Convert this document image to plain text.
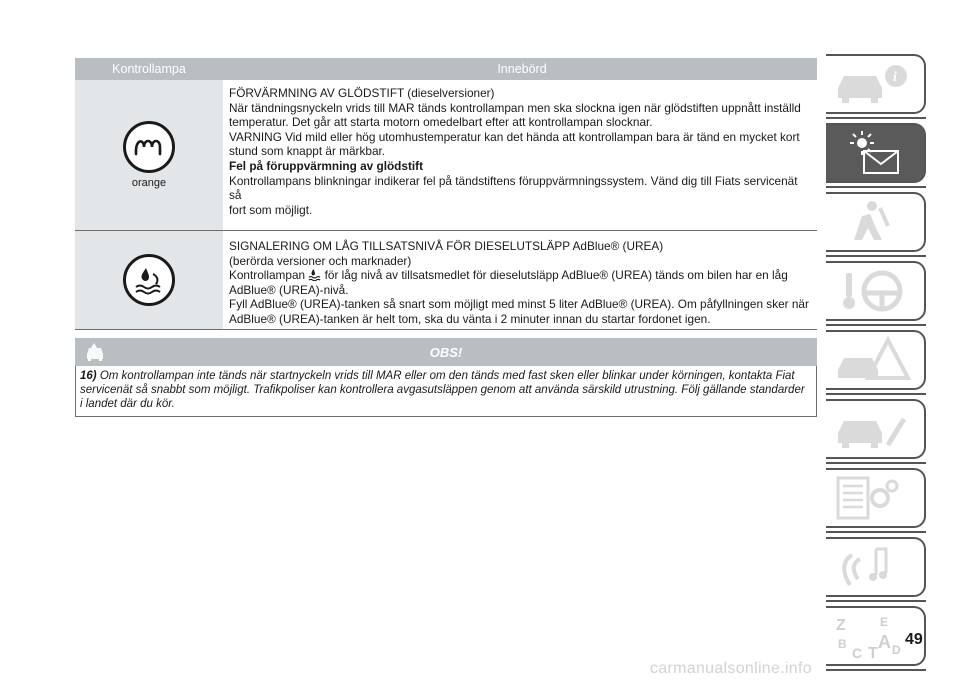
Kontrollampa	Innebörd
orange
FÖRVÄRMNING AV GLÖDSTIFT (dieselversioner)
När tändningsnyckeln vrids till MAR tänds kontrollampan men ska slockna igen när glödstiften uppnått inställd
temperatur. Det går att starta motorn omedelbart efter att kontrollampan slocknar.
VARNING Vid mild eller hög utomhustemperatur kan det hända att kontrollampan bara är tänd en mycket kort
stund som knappt är märkbar.
Fel på föruppvärmning av glödstift
Kontrollampans blinkningar indikerar fel på tändstiftens föruppvärmningssystem. Vänd dig till Fiats servicenät så
fort som möjligt.
SIGNALERING OM LÅG TILLSATSNIVÅ FÖR DIESELUTSLÄPP AdBlue® (UREA)
(berörda versioner och marknader)
Kontrollampan för låg nivå av tillsatsmedlet för dieselutsläpp AdBlue® (UREA) tänds om bilen har en låg
AdBlue® (UREA)-nivå.
Fyll AdBlue® (UREA)-tanken så snart som möjligt med minst 5 liter AdBlue® (UREA). Om påfyllningen sker när
AdBlue® (UREA)-tanken är helt tom, ska du vänta i 2 minuter innan du startar fordonet igen.
OBS!
16) Om kontrollampan inte tänds när startnyckeln vrids till MAR eller om den tänds med fast sken eller blinkar under körningen, kontakta Fiat
servicenät så snabbt som möjligt. Trafikpoliser kan kontrollera avgasutsläppen genom att använda särskild utrustning. Följ gällande standarder
i landet där du kör.
i
Z	E
B A
C T D
49
carmanualsonline.info
